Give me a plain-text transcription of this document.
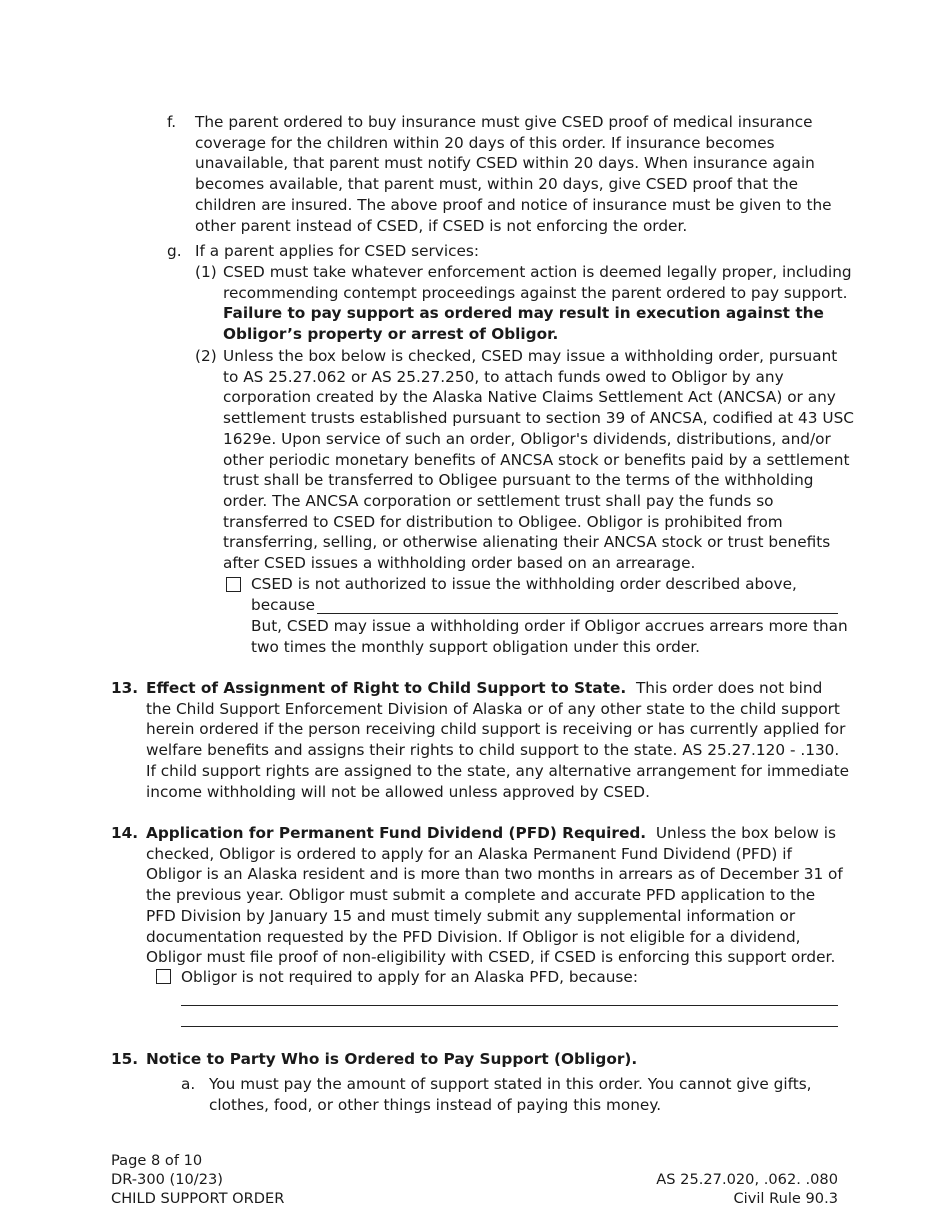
f. The parent ordered to buy insurance must give CSED proof of medical insurance
coverage for the children within 20 days of this order. If insurance becomes
unavailable, that parent must notify CSED within 20 days. When insurance again
becomes available, that parent must, within 20 days, give CSED proof that the
children are insured. The above proof and notice of insurance must be given to the
other parent instead of CSED, if CSED is not enforcing the order.
g. If a parent applies for CSED services:
(1) CSED must take whatever enforcement action is deemed legally proper, including
recommending contempt proceedings against the parent ordered to pay support.
Failure to pay support as ordered may result in execution against the
Obligor’s property or arrest of Obligor.
(2) Unless the box below is checked, CSED may issue a withholding order, pursuant
to AS 25.27.062 or AS 25.27.250, to attach funds owed to Obligor by any
corporation created by the Alaska Native Claims Settlement Act (ANCSA) or any
settlement trusts established pursuant to section 39 of ANCSA, codified at 43 USC
1629e. Upon service of such an order, Obligor's dividends, distributions, and/or
other periodic monetary benefits of ANCSA stock or benefits paid by a settlement
trust shall be transferred to Obligee pursuant to the terms of the withholding
order. The ANCSA corporation or settlement trust shall pay the funds so
transferred to CSED for distribution to Obligee. Obligor is prohibited from
transferring, selling, or otherwise alienating their ANCSA stock or trust benefits
after CSED issues a withholding order based on an arrearage.
CSED is not authorized to issue the withholding order described above,
because
But, CSED may issue a withholding order if Obligor accrues arrears more than
two times the monthly support obligation under this order.
13. Effect of Assignment of Right to Child Support to State. This order does not bind
the Child Support Enforcement Division of Alaska or of any other state to the child support
herein ordered if the person receiving child support is receiving or has currently applied for
welfare benefits and assigns their rights to child support to the state. AS 25.27.120 - .130.
If child support rights are assigned to the state, any alternative arrangement for immediate
income withholding will not be allowed unless approved by CSED.
14. Application for Permanent Fund Dividend (PFD) Required. Unless the box below is
checked, Obligor is ordered to apply for an Alaska Permanent Fund Dividend (PFD) if
Obligor is an Alaska resident and is more than two months in arrears as of December 31 of
the previous year. Obligor must submit a complete and accurate PFD application to the
PFD Division by January 15 and must timely submit any supplemental information or
documentation requested by the PFD Division. If Obligor is not eligible for a dividend,
Obligor must file proof of non-eligibility with CSED, if CSED is enforcing this support order.
Obligor is not required to apply for an Alaska PFD, because:
15. Notice to Party Who is Ordered to Pay Support (Obligor).
a. You must pay the amount of support stated in this order. You cannot give gifts,
clothes, food, or other things instead of paying this money.
Page 8 of 10
DR-300 (10/23)
CHILD SUPPORT ORDER
AS 25.27.020, .062. .080
Civil Rule 90.3
